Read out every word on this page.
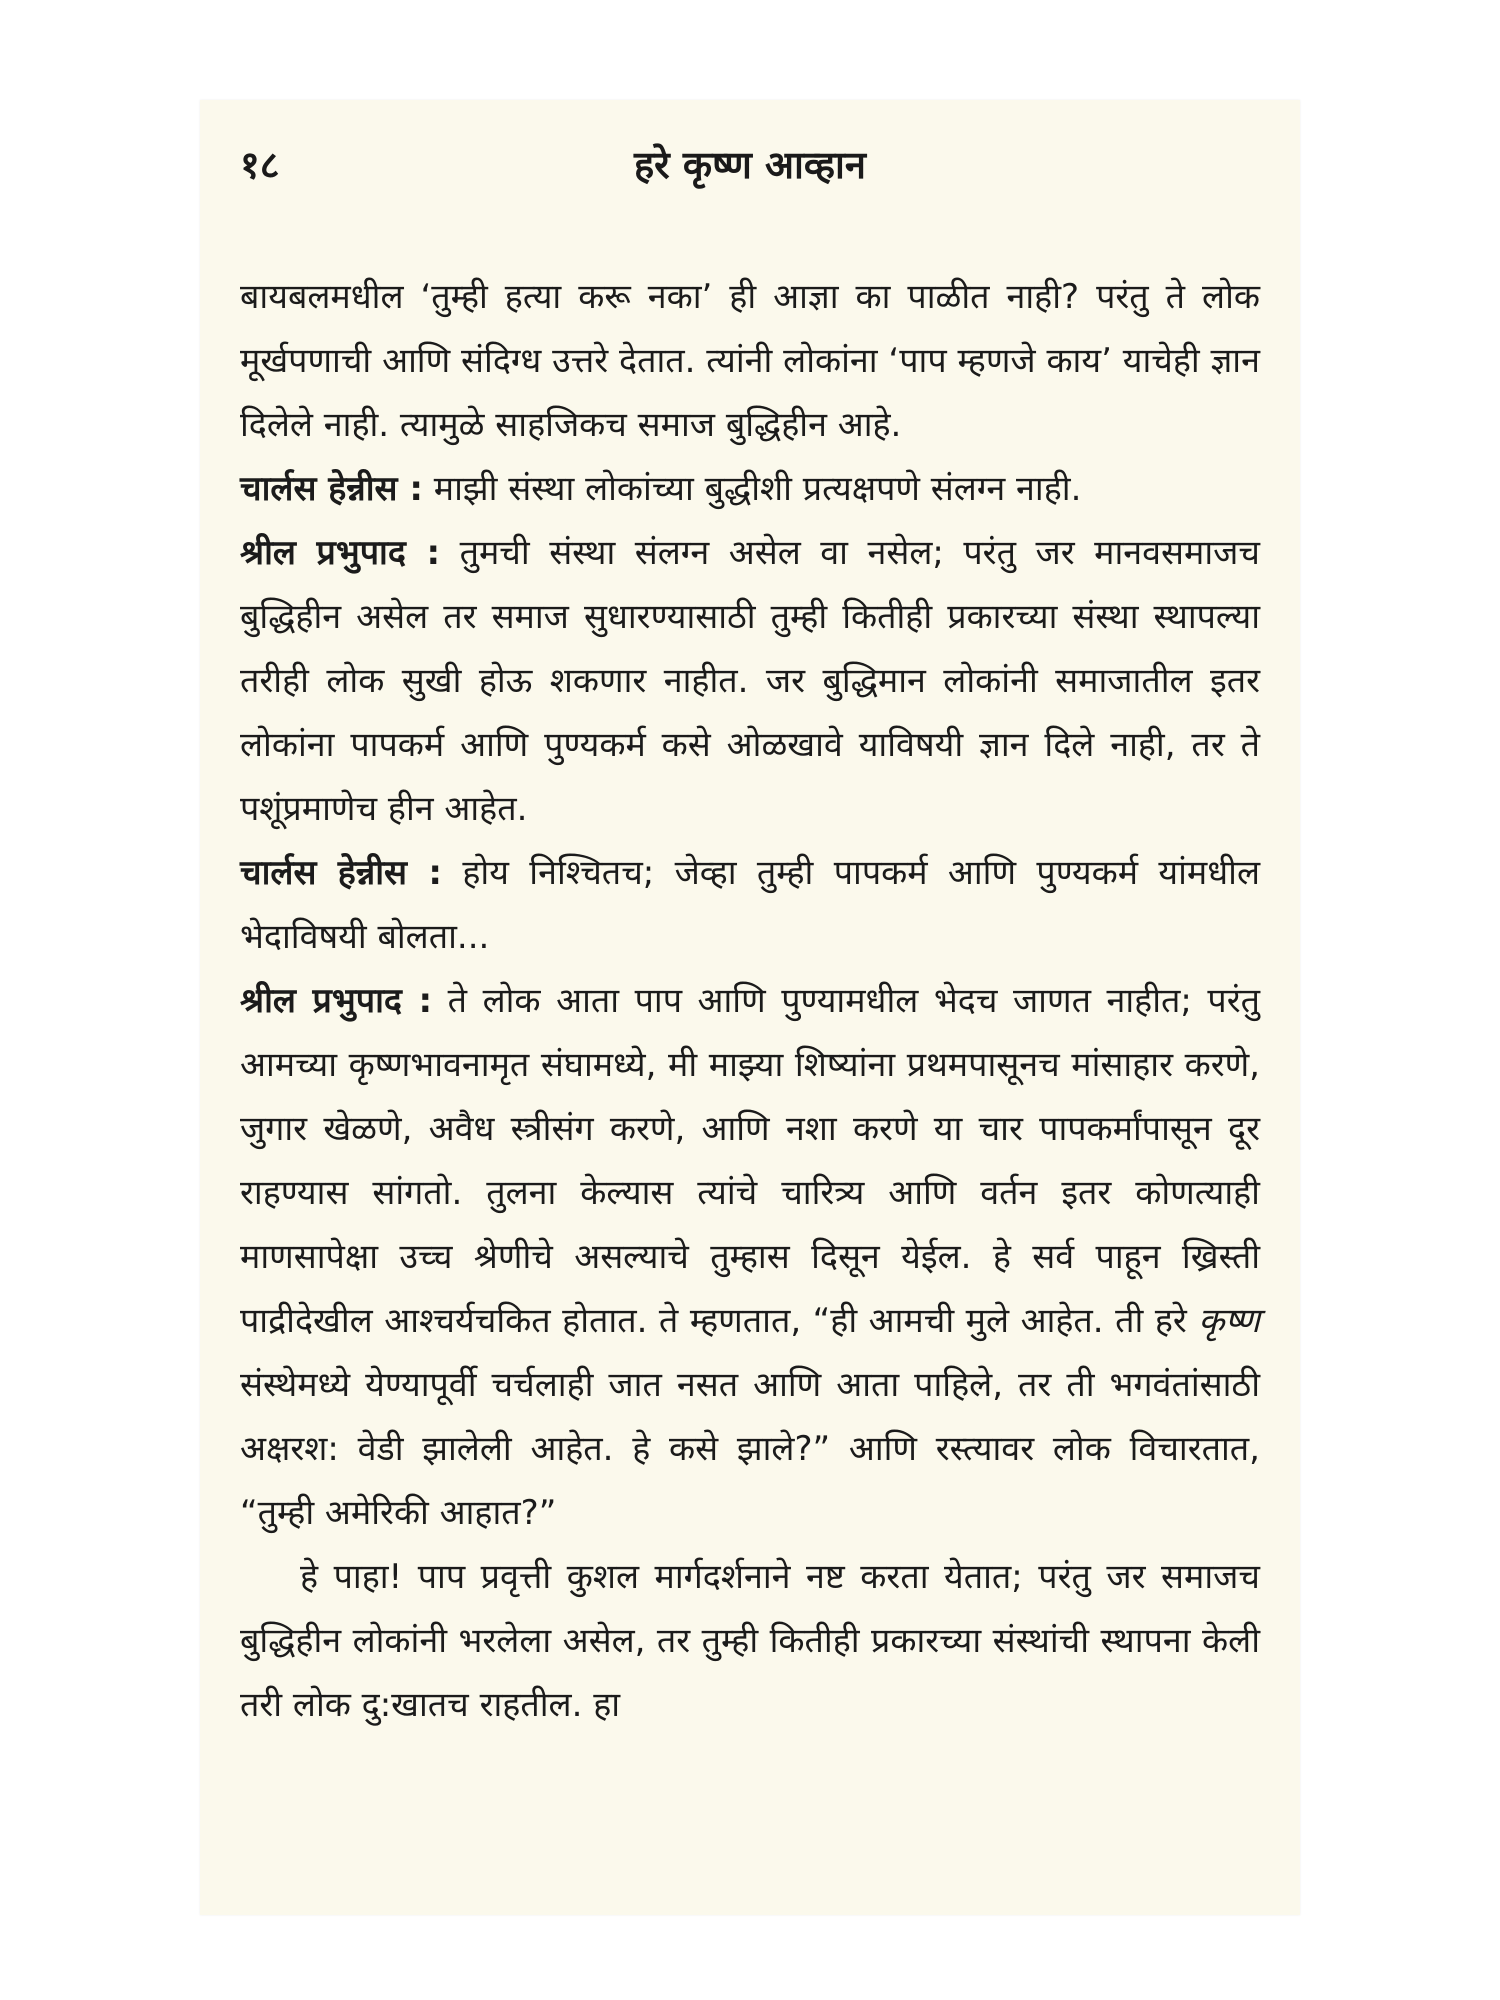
१८	हरे कृष्ण आव्हान

बायबलमधील ‘तुम्ही हत्या करू नका’ ही आज्ञा का पाळीत नाही? परंतु ते लोक मूर्खपणाची आणि संदिग्ध उत्तरे देतात. त्यांनी लोकांना ‘पाप म्हणजे काय’ याचेही ज्ञान दिलेले नाही. त्यामुळे साहजिकच समाज बुद्धिहीन आहे.

चार्लस हेन्नीस : माझी संस्था लोकांच्या बुद्धीशी प्रत्यक्षपणे संलग्न नाही.

श्रील प्रभुपाद : तुमची संस्था संलग्न असेल वा नसेल; परंतु जर मानवसमाजच बुद्धिहीन असेल तर समाज सुधारण्यासाठी तुम्ही कितीही प्रकारच्या संस्था स्थापल्या तरीही लोक सुखी होऊ शकणार नाहीत. जर बुद्धिमान लोकांनी समाजातील इतर लोकांना पापकर्म आणि पुण्यकर्म कसे ओळखावे याविषयी ज्ञान दिले नाही, तर ते पशूंप्रमाणेच हीन आहेत.

चार्लस हेन्नीस : होय निश्चितच; जेव्हा तुम्ही पापकर्म आणि पुण्यकर्म यांमधील भेदाविषयी बोलता...

श्रील प्रभुपाद : ते लोक आता पाप आणि पुण्यामधील भेदच जाणत नाहीत; परंतु आमच्या कृष्णभावनामृत संघामध्ये, मी माझ्या शिष्यांना प्रथमपासूनच मांसाहार करणे, जुगार खेळणे, अवैध स्त्रीसंग करणे, आणि नशा करणे या चार पापकर्मांपासून दूर राहण्यास सांगतो. तुलना केल्यास त्यांचे चारित्र्य आणि वर्तन इतर कोणत्याही माणसापेक्षा उच्च श्रेणीचे असल्याचे तुम्हास दिसून येईल. हे सर्व पाहून ख्रिस्ती पाद्रीदेखील आश्चर्यचकित होतात. ते म्हणतात, “ही आमची मुले आहेत. ती हरे कृष्ण संस्थेमध्ये येण्यापूर्वी चर्चलाही जात नसत आणि आता पाहिले, तर ती भगवंतांसाठी अक्षरश: वेडी झालेली आहेत. हे कसे झाले?” आणि रस्त्यावर लोक विचारतात, “तुम्ही अमेरिकी आहात?”

हे पाहा! पाप प्रवृत्ती कुशल मार्गदर्शनाने नष्ट करता येतात; परंतु जर समाजच बुद्धिहीन लोकांनी भरलेला असेल, तर तुम्ही कितीही प्रकारच्या संस्थांची स्थापना केली तरी लोक दु:खातच राहतील. हा
